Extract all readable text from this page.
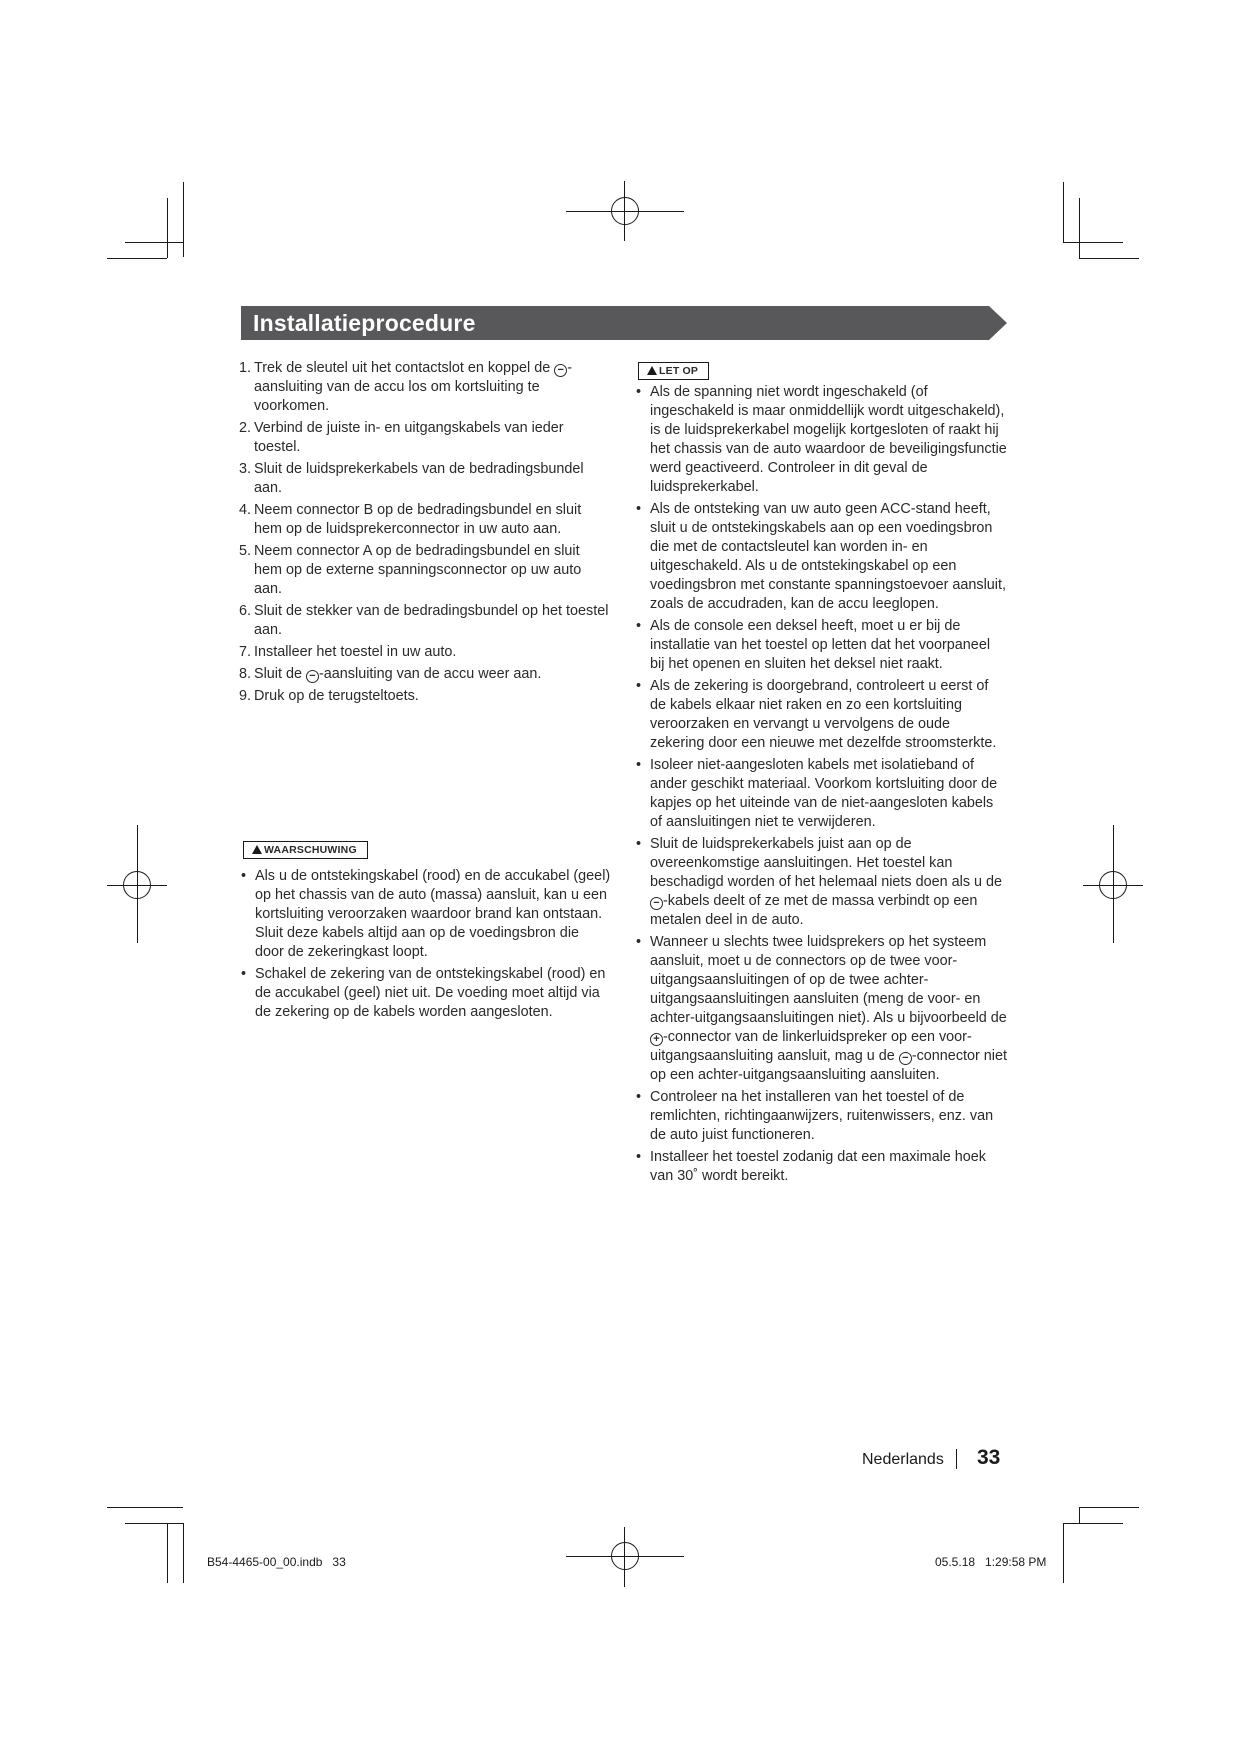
Installatieprocedure
1. Trek de sleutel uit het contactslot en koppel de − -aansluiting van de accu los om kortsluiting te voorkomen.
2. Verbind de juiste in- en uitgangskabels van ieder toestel.
3. Sluit de luidsprekerkabels van de bedradingsbundel aan.
4. Neem connector B op de bedradingsbundel en sluit hem op de luidsprekerconnector in uw auto aan.
5. Neem connector A op de bedradingsbundel en sluit hem op de externe spanningsconnector op uw auto aan.
6. Sluit de stekker van de bedradingsbundel op het toestel aan.
7. Installeer het toestel in uw auto.
8. Sluit de − -aansluiting van de accu weer aan.
9. Druk op de terugsteltoets.
WAARSCHUWING
• Als u de ontstekingskabel (rood) en de accukabel (geel) op het chassis van de auto (massa) aansluit, kan u een kortsluiting veroorzaken waardoor brand kan ontstaan. Sluit deze kabels altijd aan op de voedingsbron die door de zekeringkast loopt.
• Schakel de zekering van de ontstekingskabel (rood) en de accukabel (geel) niet uit. De voeding moet altijd via de zekering op de kabels worden aangesloten.
LET OP
• Als de spanning niet wordt ingeschakeld (of ingeschakeld is maar onmiddellijk wordt uitgeschakeld), is de luidsprekerkabel mogelijk kortgesloten of raakt hij het chassis van de auto waardoor de beveiligingsfunctie werd geactiveerd. Controleer in dit geval de luidsprekerkabel.
• Als de ontsteking van uw auto geen ACC-stand heeft, sluit u de ontstekingskabels aan op een voedingsbron die met de contactsleutel kan worden in- en uitgeschakeld. Als u de ontstekingskabel op een voedingsbron met constante spanningstoevoer aansluit, zoals de accudraden, kan de accu leeglopen.
• Als de console een deksel heeft, moet u er bij de installatie van het toestel op letten dat het voorpaneel bij het openen en sluiten het deksel niet raakt.
• Als de zekering is doorgebrand, controleert u eerst of de kabels elkaar niet raken en zo een kortsluiting veroorzaken en vervangt u vervolgens de oude zekering door een nieuwe met dezelfde stroomsterkte.
• Isoleer niet-aangesloten kabels met isolatieband of ander geschikt materiaal. Voorkom kortsluiting door de kapjes op het uiteinde van de niet-aangesloten kabels of aansluitingen niet te verwijderen.
• Sluit de luidsprekerkabels juist aan op de overeenkomstige aansluitingen. Het toestel kan beschadigd worden of het helemaal niets doen als u de − -kabels deelt of ze met de massa verbindt op een metalen deel in de auto.
• Wanneer u slechts twee luidsprekers op het systeem aansluit, moet u de connectors op de twee voor-uitgangsaansluitingen of op de twee achter-uitgangsaansluitingen aansluiten (meng de voor- en achter-uitgangsaansluitingen niet). Als u bijvoorbeeld de + -connector van de linkerluidspreker op een voor-uitgangsaansluiting aansluit, mag u de − -connector niet op een achter-uitgangsaansluiting aansluiten.
• Controleer na het installeren van het toestel of de remlichten, richtingaanwijzers, ruitenwissers, enz. van de auto juist functioneren.
• Installeer het toestel zodanig dat een maximale hoek van 30˚ wordt bereikt.
Nederlands 33
B54-4465-00_00.indb   33	05.5.18   1:29:58 PM
